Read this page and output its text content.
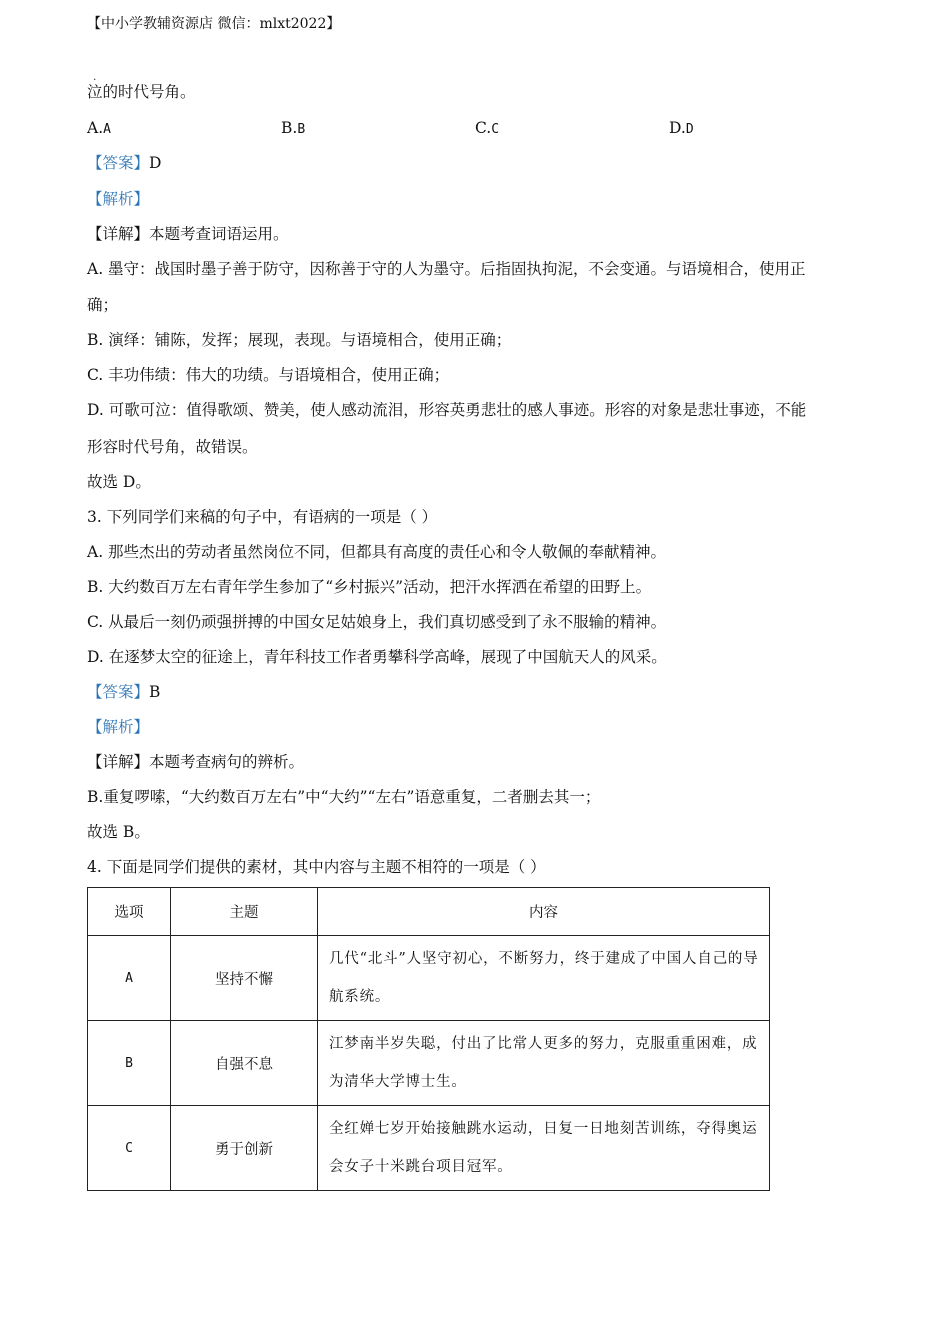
【中小学教辅资源店 微信：mlxt2022】
.
泣的时代号角。
A.A	B.B	C.C	D.D
【答案】D
【解析】
【详解】本题考查词语运用。
A. 墨守：战国时墨子善于防守，因称善于守的人为墨守。后指固执拘泥，不会变通。与语境相合，使用正
确；
B. 演绎：铺陈，发挥；展现，表现。与语境相合，使用正确；
C. 丰功伟绩：伟大的功绩。与语境相合，使用正确；
D. 可歌可泣：值得歌颂、赞美，使人感动流泪，形容英勇悲壮的感人事迹。形容的对象是悲壮事迹，不能
形容时代号角，故错误。
故选 D。
3. 下列同学们来稿的句子中，有语病的一项是（ ）
A. 那些杰出的劳动者虽然岗位不同，但都具有高度的责任心和令人敬佩的奉献精神。
B. 大约数百万左右青年学生参加了“乡村振兴”活动，把汗水挥洒在希望的田野上。
C. 从最后一刻仍顽强拼搏的中国女足姑娘身上，我们真切感受到了永不服输的精神。
D. 在逐梦太空的征途上，青年科技工作者勇攀科学高峰，展现了中国航天人的风采。
【答案】B
【解析】
【详解】本题考查病句的辨析。
B.重复啰嗦，“大约数百万左右”中“大约”“左右”语意重复，二者删去其一；
故选 B。
4. 下面是同学们提供的素材，其中内容与主题不相符的一项是（ ）
选项	主题	内容
A	坚持不懈	几代“北斗”人坚守初心，不断努力，终于建成了中国人自己的导航系统。
B	自强不息	江梦南半岁失聪，付出了比常人更多的努力，克服重重困难，成为清华大学博士生。
C	勇于创新	全红婵七岁开始接触跳水运动，日复一日地刻苦训练，夺得奥运会女子十米跳台项目冠军。
